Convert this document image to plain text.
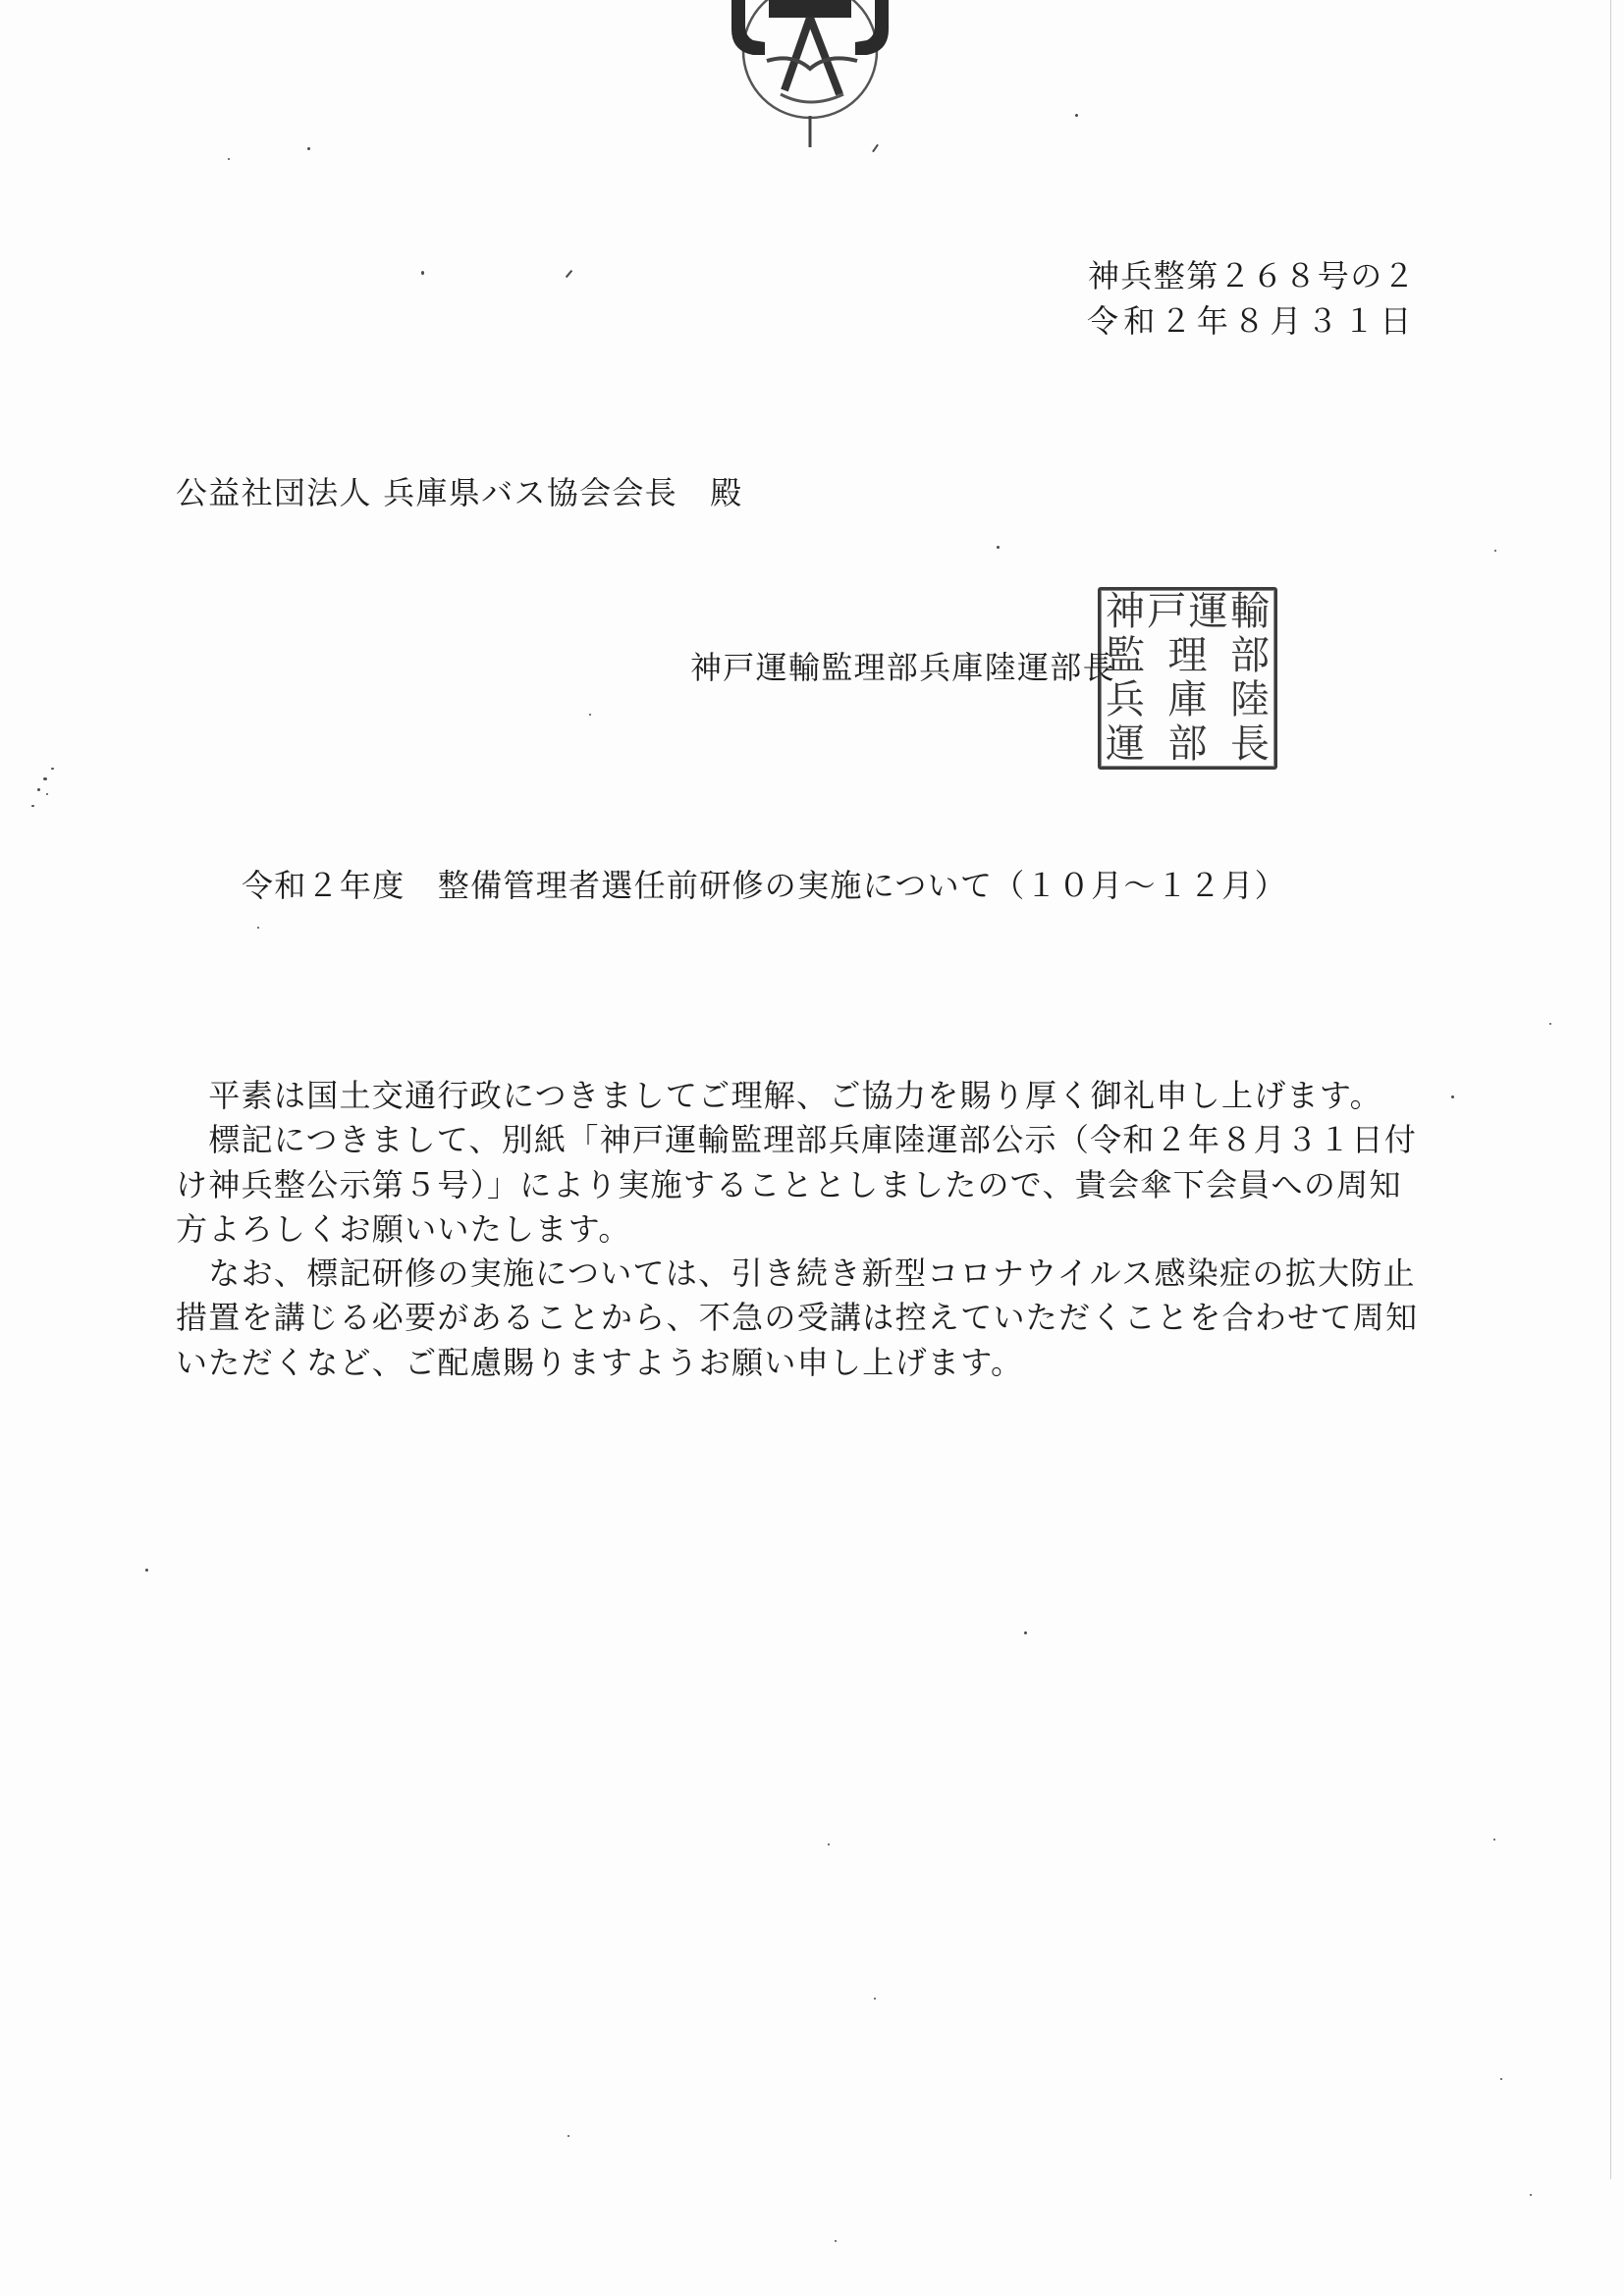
神兵整第２６８号の２
令和２年８月３１日
公益社団法人 兵庫県バス協会会長　殿
神戸運輸監理部兵庫陸運部長
神 戸 運 輸
監 理 部
兵 庫 陸
運 部 長
令和２年度　整備管理者選任前研修の実施について（１０月～１２月）
　平素は国土交通行政につきましてご理解、ご協力を賜り厚く御礼申し上げます。
　標記につきまして、別紙「神戸運輸監理部兵庫陸運部公示（令和２年８月３１日付
け神兵整公示第５号）」により実施することとしましたので、貴会傘下会員への周知
方よろしくお願いいたします。
　なお、標記研修の実施については、引き続き新型コロナウイルス感染症の拡大防止
措置を講じる必要があることから、不急の受講は控えていただくことを合わせて周知
いただくなど、ご配慮賜りますようお願い申し上げます。
